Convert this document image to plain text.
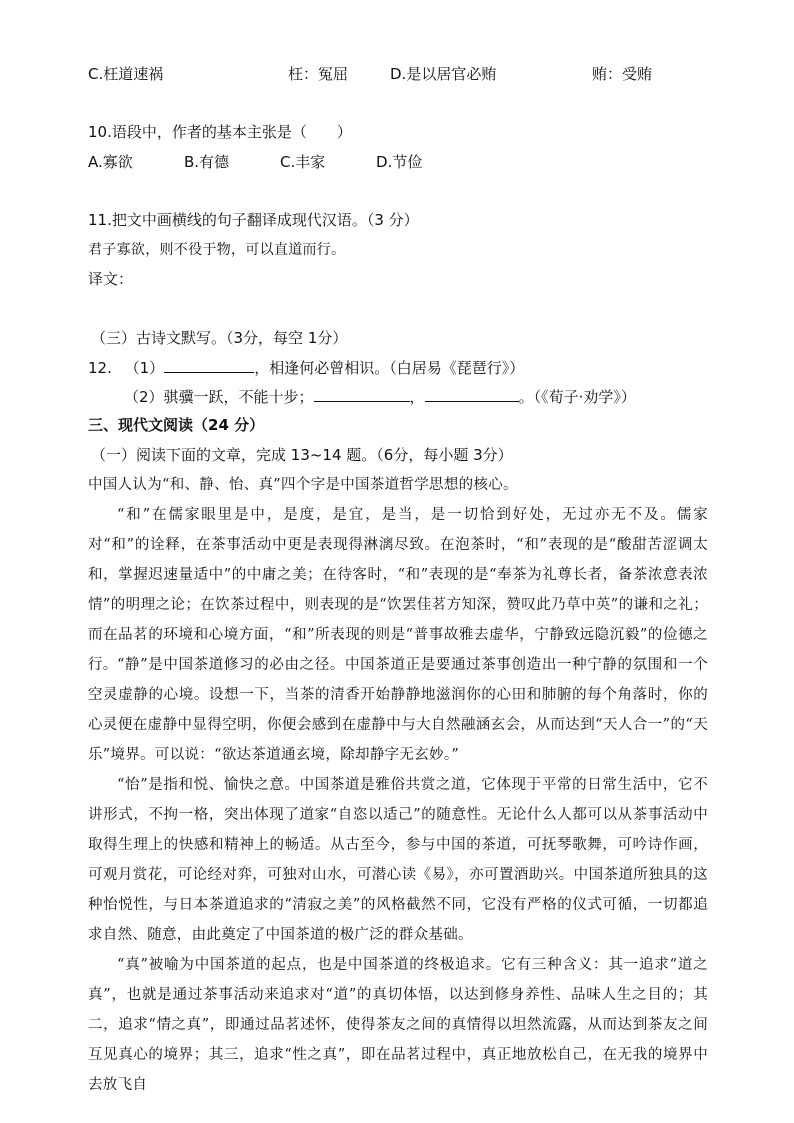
C.枉道速祸	枉：冤屈	D.是以居官必贿	贿：受贿
10.语段中，作者的基本主张是（　　）
A.寡欲	B.有德	C.丰家	D.节俭
11.把文中画横线的句子翻译成现代汉语。（3 分）
君子寡欲，则不役于物，可以直道而行。
译文：
（三）古诗文默写。（3分，每空 1分）
12. （1）	，相逢何必曾相识。（白居易《琵琶行》）
（2）骐骥一跃，不能十步；	，	。（《荀子·劝学》）
三、现代文阅读（24 分）
（一）阅读下面的文章，完成 13~14 题。（6分，每小题 3分）
中国人认为“和、静、怡、真”四个字是中国茶道哲学思想的核心。
“和”在儒家眼里是中，是度，是宜，是当，是一切恰到好处，无过亦无不及。儒家对“和”的诠释，在茶事活动中更是表现得淋漓尽致。在泡茶时，“和”表现的是“酸甜苦涩调太和，掌握迟速量适中”的中庸之美；在待客时，“和”表现的是“奉茶为礼尊长者，备茶浓意表浓情”的明理之论；在饮茶过程中，则表现的是“饮罢佳茗方知深，赞叹此乃草中英”的谦和之礼；而在品茗的环境和心境方面，“和”所表现的则是“普事故雅去虚华，宁静致远隐沉毅”的俭德之行。 “静”是中国茶道修习的必由之径。中国茶道正是要通过茶事创造出一种宁静的氛围和一个空灵虚静的心境。设想一下，当茶的清香开始静静地滋润你的心田和肺腑的每个角落时，你的心灵便在虚静中显得空明，你便会感到在虚静中与大自然融涵玄会，从而达到“天人合一”的“天乐”境界。可以说：“欲达茶道通玄境，除却静字无玄妙。”
“怡”是指和悦、愉快之意。中国茶道是雅俗共赏之道，它体现于平常的日常生活中，它不讲形式，不拘一格，突出体现了道家“自恣以适己”的随意性。无论什么人都可以从茶事活动中取得生理上的快感和精神上的畅适。从古至今，参与中国的茶道，可抚琴歌舞，可吟诗作画，可观月赏花，可论经对弈，可独对山水，可潜心读《易》，亦可置酒助兴。中国茶道所独具的这种怡悦性，与日本茶道追求的“清寂之美”的风格截然不同，它没有严格的仪式可循，一切都追求自然、随意，由此奠定了中国茶道的极广泛的群众基础。
“真”被喻为中国茶道的起点，也是中国茶道的终极追求。它有三种含义：其一追求“道之真”，也就是通过茶事活动来追求对“道”的真切体悟，以达到修身养性、品味人生之目的；其二，追求“情之真”，即通过品茗述怀，使得茶友之间的真情得以坦然流露，从而达到茶友之间互见真心的境界；其三，追求“性之真”，即在品茗过程中，真正地放松自己，在无我的境界中去放飞自
